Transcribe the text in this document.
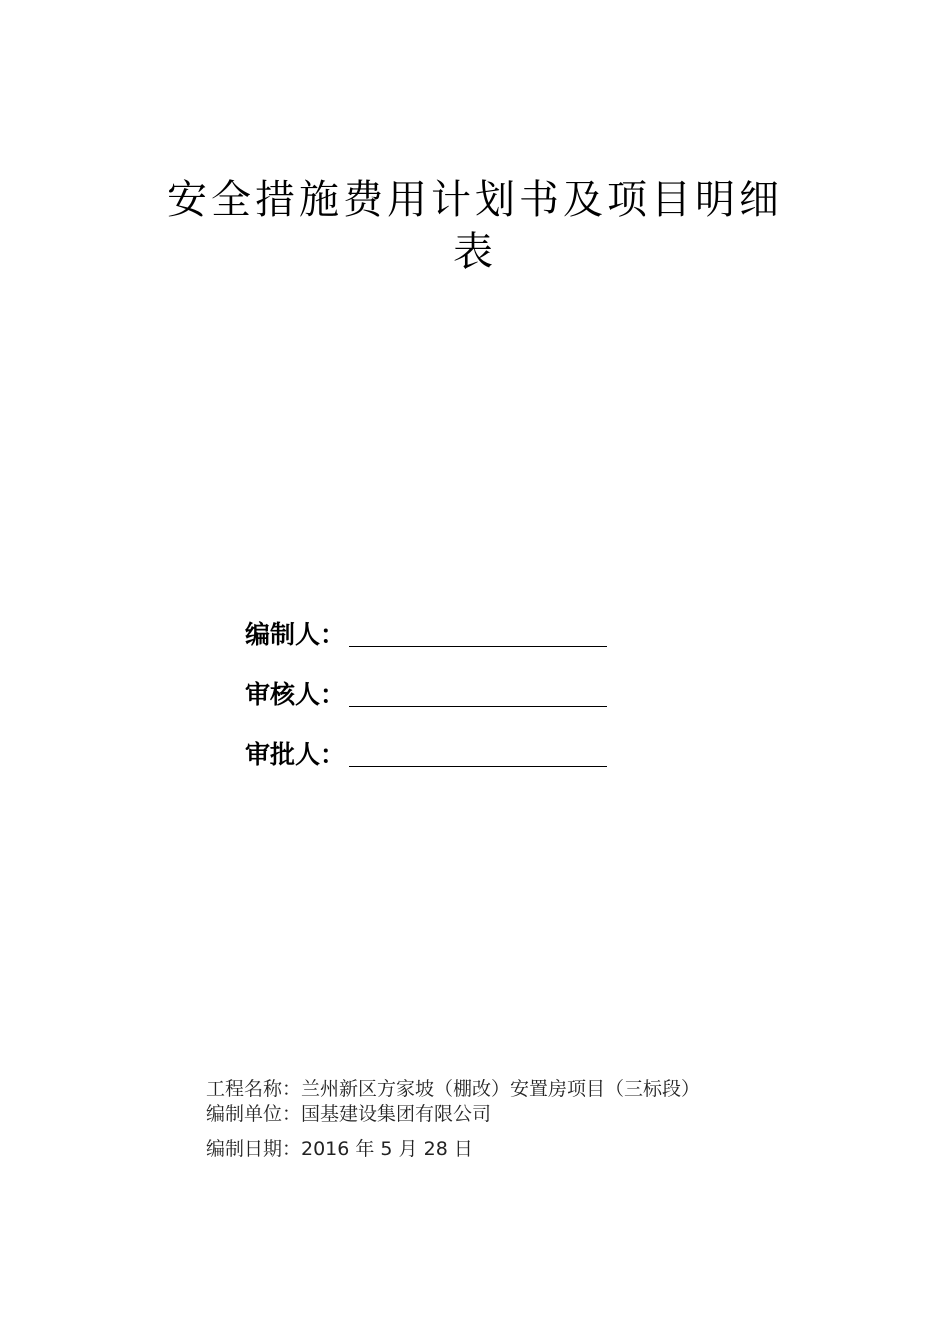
安全措施费用计划书及项目明细
表
编制人：
审核人：
审批人：
工程名称：兰州新区方家坡（棚改）安置房项目（三标段）
编制单位：国基建设集团有限公司
编制日期：2016 年 5 月 28 日
